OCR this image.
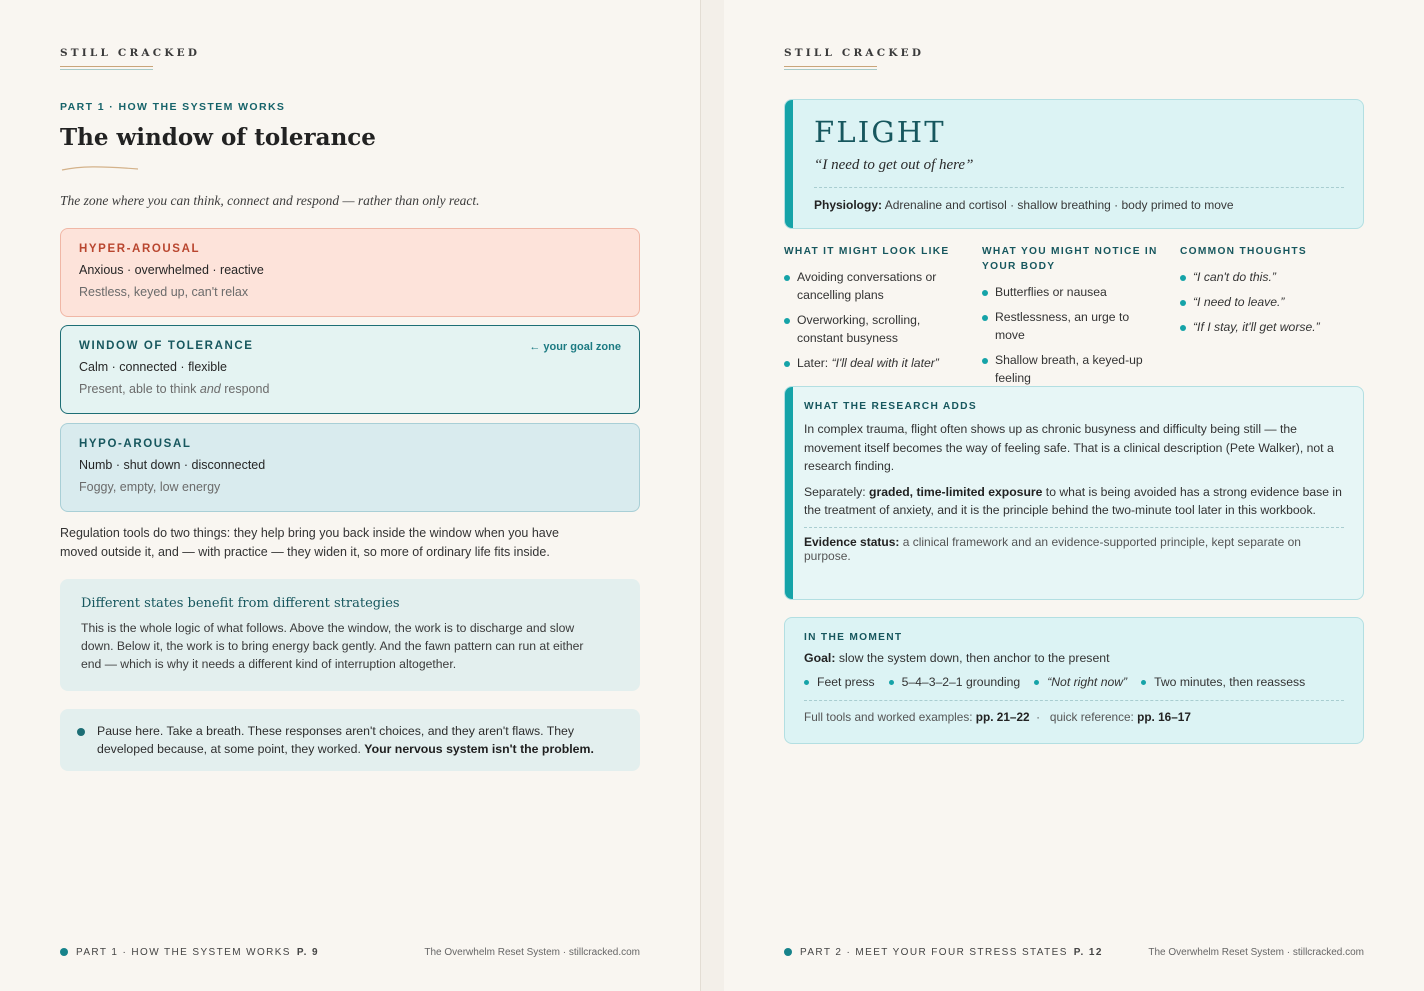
STILL CRACKED
PART 1 · HOW THE SYSTEM WORKS
The window of tolerance

The zone where you can think, connect and respond — rather than only react.

HYPER-AROUSAL
Anxious · overwhelmed · reactive
Restless, keyed up, can't relax
WINDOW OF TOLERANCE	← your goal zone
Calm · connected · flexible
Present, able to think and respond
HYPO-AROUSAL
Numb · shut down · disconnected
Foggy, empty, low energy

Regulation tools do two things: they help bring you back inside the window when you have moved outside it, and — with practice — they widen it, so more of ordinary life fits inside.

Different states benefit from different strategies
This is the whole logic of what follows. Above the window, the work is to discharge and slow down. Below it, the work is to bring energy back gently. And the fawn pattern can run at either end — which is why it needs a different kind of interruption altogether.
Pause here. Take a breath. These responses aren't choices, and they aren't flaws. They developed because, at some point, they worked. Your nervous system isn't the problem.
PART 1 · HOW THE SYSTEM WORKS P. 9	The Overwhelm Reset System · stillcracked.com
STILL CRACKED
FLIGHT
“I need to get out of here”
Physiology: Adrenaline and cortisol · shallow breathing · body primed to move
WHAT IT MIGHT LOOK LIKE
Avoiding conversations or cancelling plans
Overworking, scrolling, constant busyness
Later: “I'll deal with it later”
WHAT YOU MIGHT NOTICE IN YOUR BODY
Butterflies or nausea
Restlessness, an urge to move
Shallow breath, a keyed-up feeling
COMMON THOUGHTS
“I can't do this.”
“I need to leave.”
“If I stay, it'll get worse.”
WHAT THE RESEARCH ADDS

In complex trauma, flight often shows up as chronic busyness and difficulty being still — the movement itself becomes the way of feeling safe. That is a clinical description (Pete Walker), not a research finding.

Separately: graded, time-limited exposure to what is being avoided has a strong evidence base in the treatment of anxiety, and it is the principle behind the two-minute tool later in this workbook.

Evidence status: a clinical framework and an evidence-supported principle, kept separate on purpose.
IN THE MOMENT
Goal: slow the system down, then anchor to the present
Feet press	5–4–3–2–1 grounding	“Not right now”	Two minutes, then reassess
Full tools and worked examples: pp. 21–22  ·   quick reference: pp. 16–17
PART 2 · MEET YOUR FOUR STRESS STATES P. 12	The Overwhelm Reset System · stillcracked.com
